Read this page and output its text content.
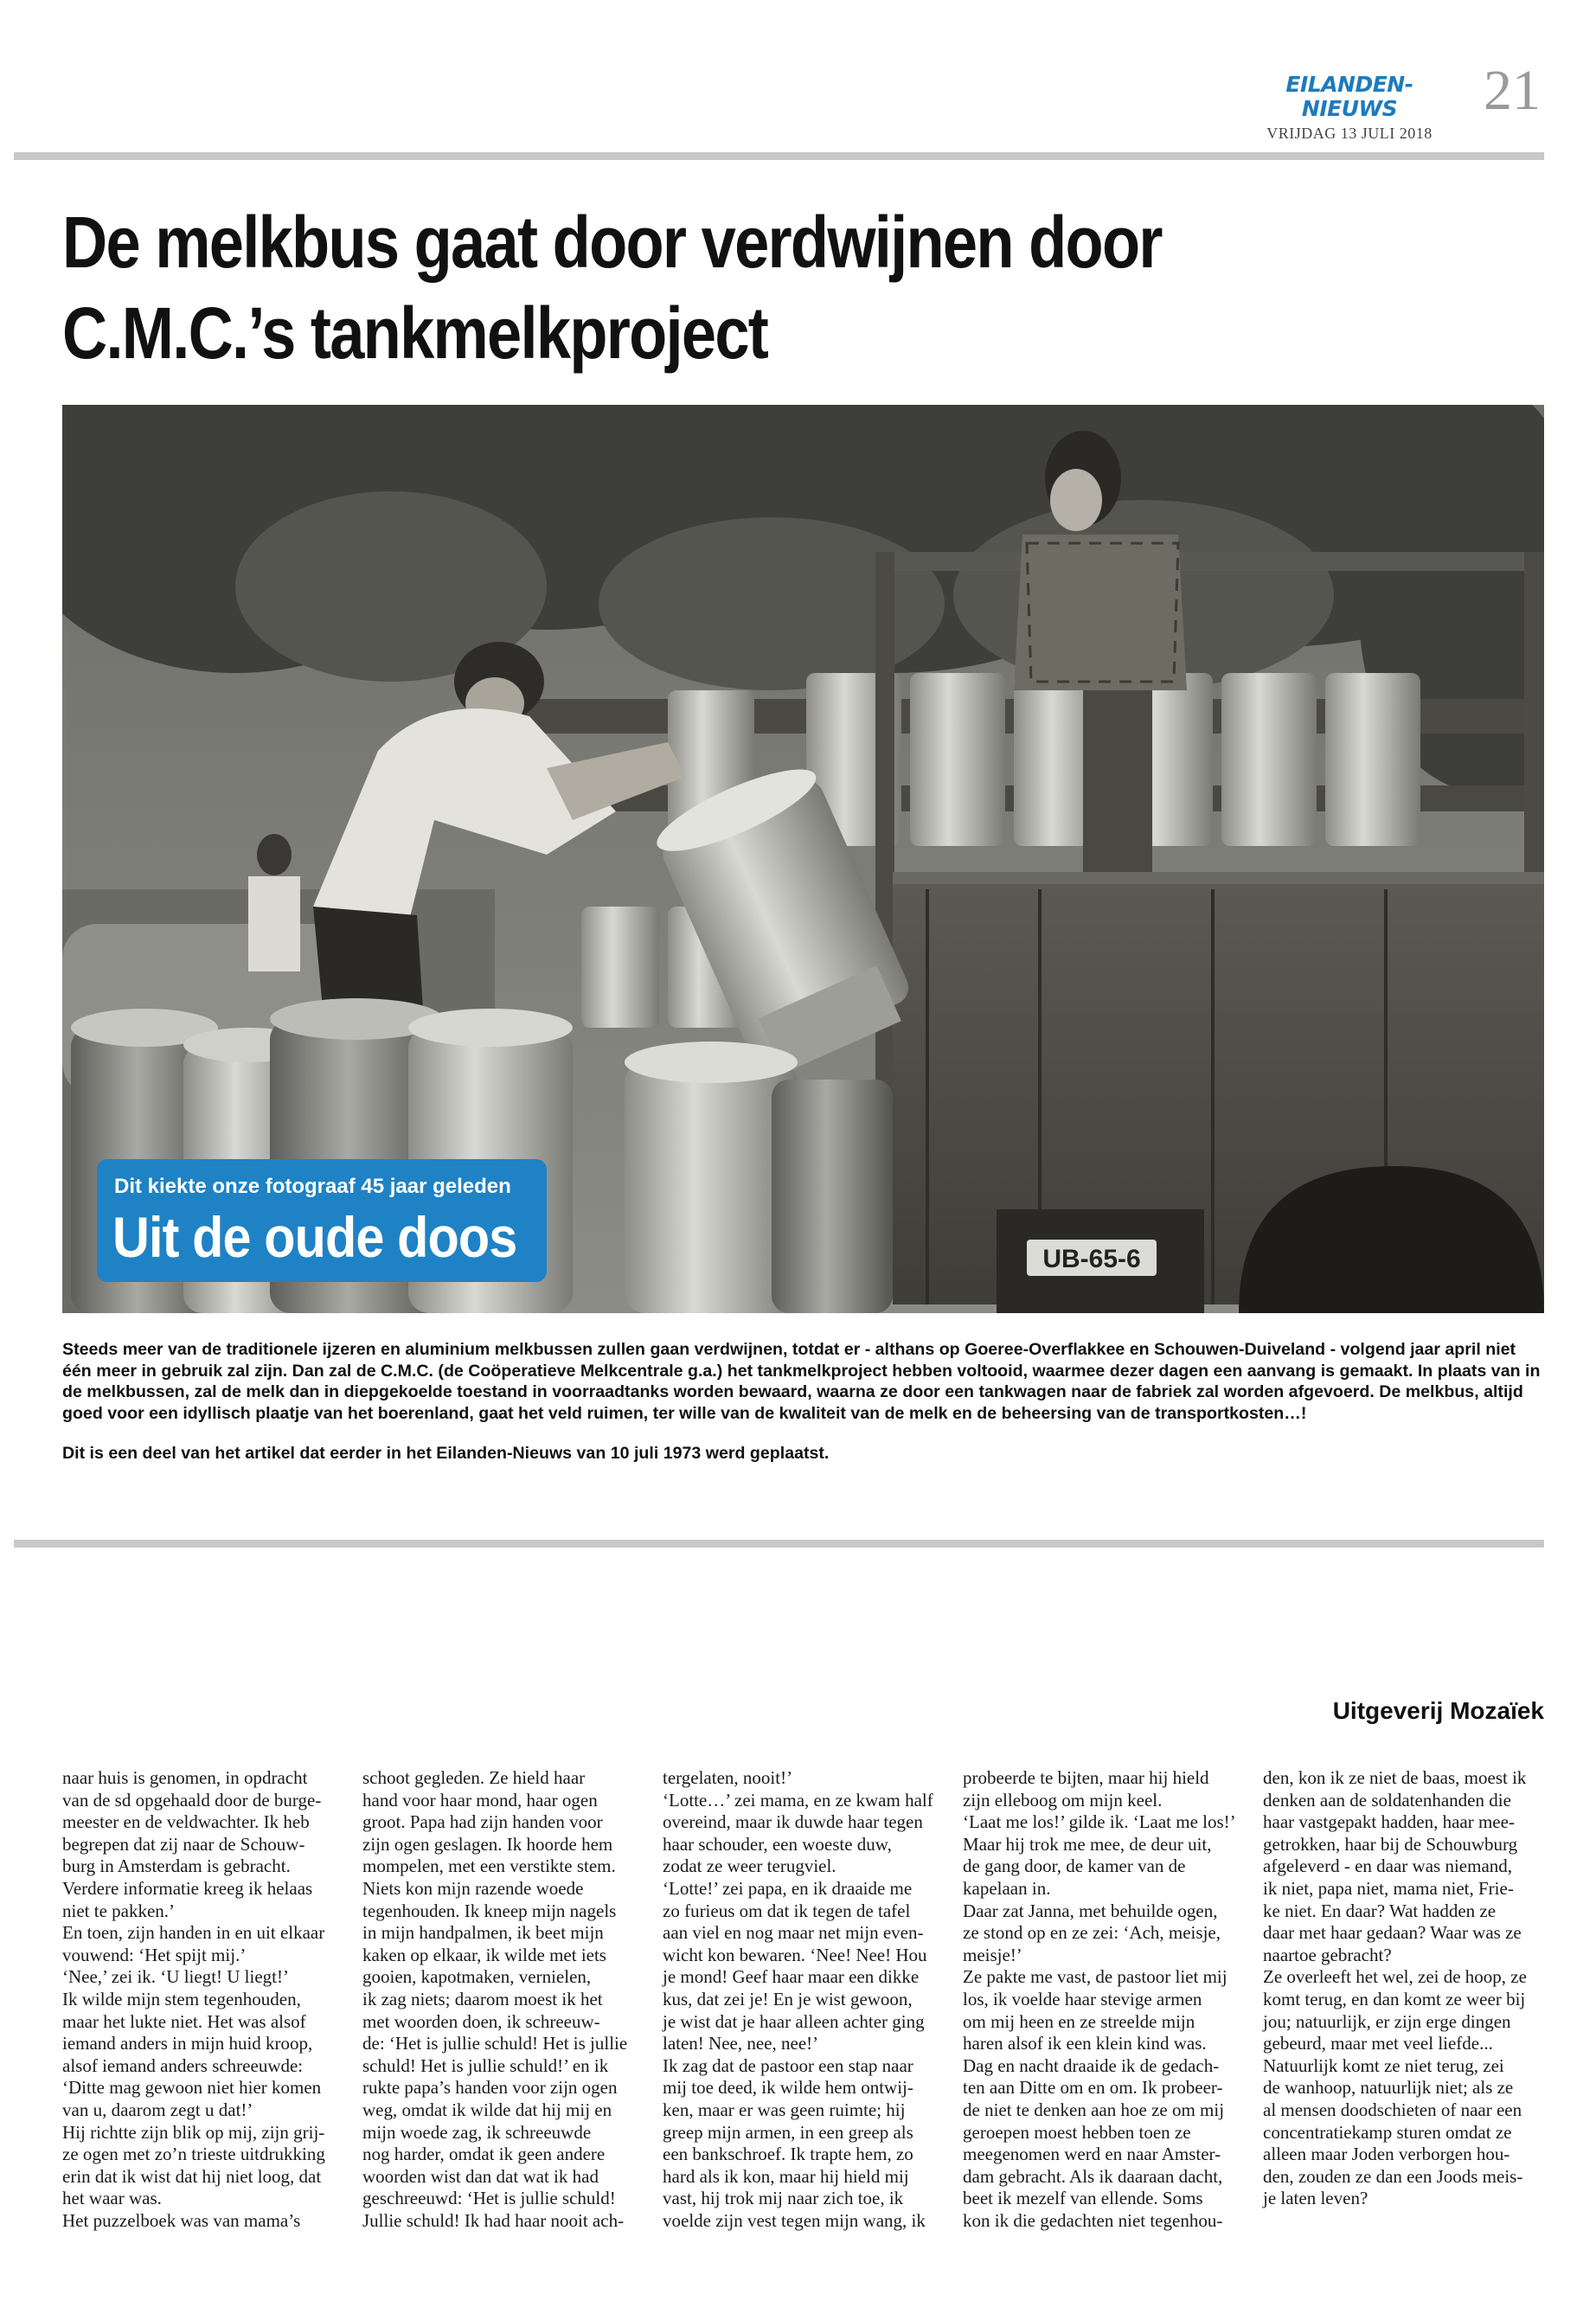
EILANDEN-NIEUWS
VRIJDAG 13 JULI 2018
21
De melkbus gaat door verdwijnen door
C.M.C.’s tankmelkproject
UB-65-6
Dit kiekte onze fotograaf 45 jaar geleden
Uit de oude doos

Steeds meer van de traditionele ijzeren en aluminium melkbussen zullen gaan verdwijnen, totdat er - althans op Goeree-Overflakkee en Schouwen-Duiveland - volgend jaar april niet één meer in gebruik zal zijn. Dan zal de C.M.C. (de Coöperatieve Melkcentrale g.a.) het tankmelkproject hebben voltooid, waarmee dezer dagen een aanvang is gemaakt. In plaats van in de melkbussen, zal de melk dan in diepgekoelde toestand in voorraadtanks worden bewaard, waarna ze door een tankwagen naar de fabriek zal worden afgevoerd. De melkbus, altijd goed voor een idyllisch plaatje van het boerenland, gaat het veld ruimen, ter wille van de kwaliteit van de melk en de beheersing van de transportkosten…!

Dit is een deel van het artikel dat eerder in het Eilanden-Nieuws van 10 juli 1973 werd geplaatst.

Uitgeverij Mozaïek
naar huis is genomen, in opdracht
van de sd opgehaald door de burge-
meester en de veldwachter. Ik heb
begrepen dat zij naar de Schouw-
burg in Amsterdam is gebracht.
Verdere informatie kreeg ik helaas
niet te pakken.’
En toen, zijn handen in en uit elkaar
vouwend: ‘Het spijt mij.’
‘Nee,’ zei ik. ‘U liegt! U liegt!’
Ik wilde mijn stem tegenhouden,
maar het lukte niet. Het was alsof
iemand anders in mijn huid kroop,
alsof iemand anders schreeuwde:
‘Ditte mag gewoon niet hier komen
van u, daarom zegt u dat!’
Hij richtte zijn blik op mij, zijn grij-
ze ogen met zo’n trieste uitdrukking
erin dat ik wist dat hij niet loog, dat
het waar was.
Het puzzelboek was van mama’s
schoot gegleden. Ze hield haar
hand voor haar mond, haar ogen
groot. Papa had zijn handen voor
zijn ogen geslagen. Ik hoorde hem
mompelen, met een verstikte stem.
Niets kon mijn razende woede
tegenhouden. Ik kneep mijn nagels
in mijn handpalmen, ik beet mijn
kaken op elkaar, ik wilde met iets
gooien, kapotmaken, vernielen,
ik zag niets; daarom moest ik het
met woorden doen, ik schreeuw-
de: ‘Het is jullie schuld! Het is jullie
schuld! Het is jullie schuld!’ en ik
rukte papa’s handen voor zijn ogen
weg, omdat ik wilde dat hij mij en
mijn woede zag, ik schreeuwde
nog harder, omdat ik geen andere
woorden wist dan dat wat ik had
geschreeuwd: ‘Het is jullie schuld!
Jullie schuld! Ik had haar nooit ach-
tergelaten, nooit!’
‘Lotte…’ zei mama, en ze kwam half
overeind, maar ik duwde haar tegen
haar schouder, een woeste duw,
zodat ze weer terugviel.
‘Lotte!’ zei papa, en ik draaide me
zo furieus om dat ik tegen de tafel
aan viel en nog maar net mijn even-
wicht kon bewaren. ‘Nee! Nee! Hou
je mond! Geef haar maar een dikke
kus, dat zei je! En je wist gewoon,
je wist dat je haar alleen achter ging
laten! Nee, nee, nee!’
Ik zag dat de pastoor een stap naar
mij toe deed, ik wilde hem ontwij-
ken, maar er was geen ruimte; hij
greep mijn armen, in een greep als
een bankschroef. Ik trapte hem, zo
hard als ik kon, maar hij hield mij
vast, hij trok mij naar zich toe, ik
voelde zijn vest tegen mijn wang, ik
probeerde te bijten, maar hij hield
zijn elleboog om mijn keel.
‘Laat me los!’ gilde ik. ‘Laat me los!’
Maar hij trok me mee, de deur uit,
de gang door, de kamer van de
kapelaan in.
Daar zat Janna, met behuilde ogen,
ze stond op en ze zei: ‘Ach, meisje,
meisje!’
Ze pakte me vast, de pastoor liet mij
los, ik voelde haar stevige armen
om mij heen en ze streelde mijn
haren alsof ik een klein kind was.
Dag en nacht draaide ik de gedach-
ten aan Ditte om en om. Ik probeer-
de niet te denken aan hoe ze om mij
geroepen moest hebben toen ze
meegenomen werd en naar Amster-
dam gebracht. Als ik daaraan dacht,
beet ik mezelf van ellende. Soms
kon ik die gedachten niet tegenhou-
den, kon ik ze niet de baas, moest ik
denken aan de soldatenhanden die
haar vastgepakt hadden, haar mee-
getrokken, haar bij de Schouwburg
afgeleverd - en daar was niemand,
ik niet, papa niet, mama niet, Frie-
ke niet. En daar? Wat hadden ze
daar met haar gedaan? Waar was ze
naartoe gebracht?
Ze overleeft het wel, zei de hoop, ze
komt terug, en dan komt ze weer bij
jou; natuurlijk, er zijn erge dingen
gebeurd, maar met veel liefde...
Natuurlijk komt ze niet terug, zei
de wanhoop, natuurlijk niet; als ze
al mensen doodschieten of naar een
concentratiekamp sturen omdat ze
alleen maar Joden verborgen hou-
den, zouden ze dan een Joods meis-
je laten leven?
